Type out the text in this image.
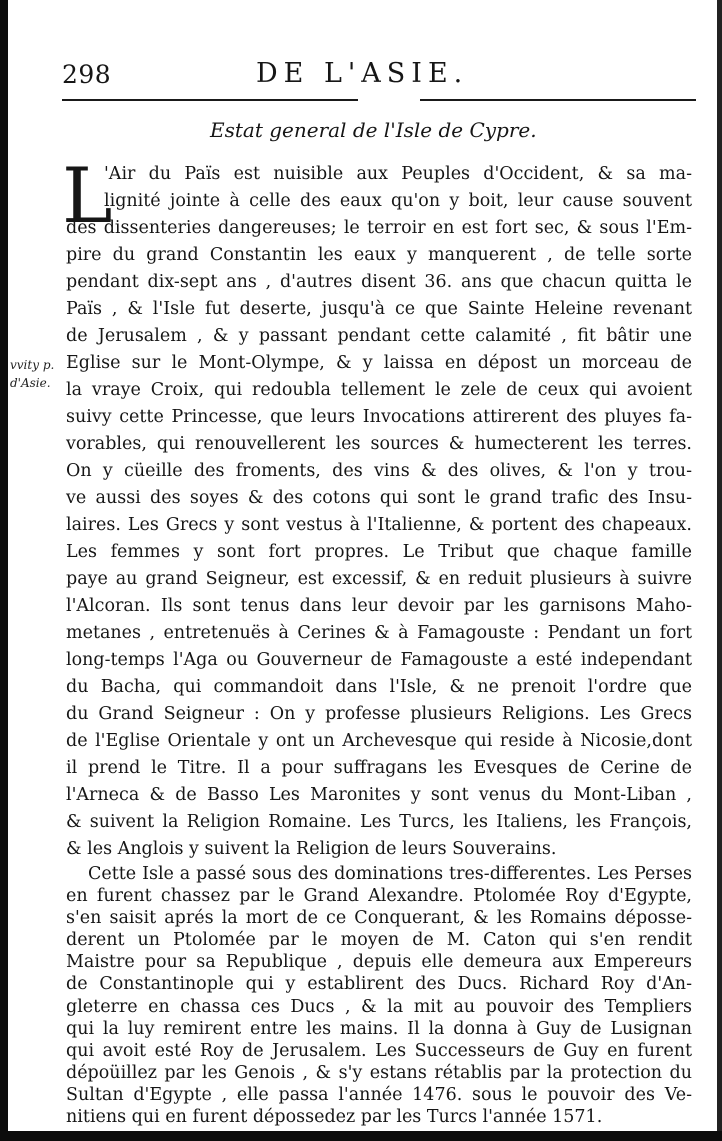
298	DE L'ASIE.
Estat general de l'Isle de Cypre.
vvity p.
d'Asie.
L
'Air du Païs est nuisible aux Peuples d'Occident, & sa ma-
lignité jointe à celle des eaux qu'on y boit, leur cause souvent
des dissenteries dangereuses; le terroir en est fort sec, & sous l'Em-
pire du grand Constantin les eaux y manquerent , de telle sorte
pendant dix-sept ans , d'autres disent 36. ans que chacun quitta le
Païs , & l'Isle fut deserte, jusqu'à ce que Sainte Heleine revenant
de Jerusalem , & y passant pendant cette calamité , fit bâtir une
Eglise sur le Mont-Olympe, & y laissa en dépost un morceau de
la vraye Croix, qui redoubla tellement le zele de ceux qui avoient
suivy cette Princesse, que leurs Invocations attirerent des pluyes fa-
vorables, qui renouvellerent les sources & humecterent les terres.
On y cüeille des froments, des vins & des olives, & l'on y trou-
ve aussi des soyes & des cotons qui sont le grand trafic des Insu-
laires. Les Grecs y sont vestus à l'Italienne, & portent des chapeaux.
Les femmes y sont fort propres. Le Tribut que chaque famille
paye au grand Seigneur, est excessif, & en reduit plusieurs à suivre
l'Alcoran. Ils sont tenus dans leur devoir par les garnisons Maho-
metanes , entretenuës à Cerines & à Famagouste : Pendant un fort
long-temps l'Aga ou Gouverneur de Famagouste a esté independant
du Bacha, qui commandoit dans l'Isle, & ne prenoit l'ordre que
du Grand Seigneur : On y professe plusieurs Religions. Les Grecs
de l'Eglise Orientale y ont un Archevesque qui reside à Nicosie,dont
il prend le Titre. Il a pour suffragans les Evesques de Cerine de
l'Arneca & de Basso Les Maronites y sont venus du Mont-Liban ,
& suivent la Religion Romaine. Les Turcs, les Italiens, les François,
& les Anglois y suivent la Religion de leurs Souverains.
Cette Isle a passé sous des dominations tres-differentes. Les Perses
en furent chassez par le Grand Alexandre. Ptolomée Roy d'Egypte,
s'en saisit aprés la mort de ce Conquerant, & les Romains déposse-
derent un Ptolomée par le moyen de M. Caton qui s'en rendit
Maistre pour sa Republique , depuis elle demeura aux Empereurs
de Constantinople qui y establirent des Ducs. Richard Roy d'An-
gleterre en chassa ces Ducs , & la mit au pouvoir des Templiers
qui la luy remirent entre les mains. Il la donna à Guy de Lusignan
qui avoit esté Roy de Jerusalem. Les Successeurs de Guy en furent
dépoüillez par les Genois , & s'y estans rétablis par la protection du
Sultan d'Egypte , elle passa l'année 1476. sous le pouvoir des Ve-
nitiens qui en furent dépossedez par les Turcs l'année 1571.
